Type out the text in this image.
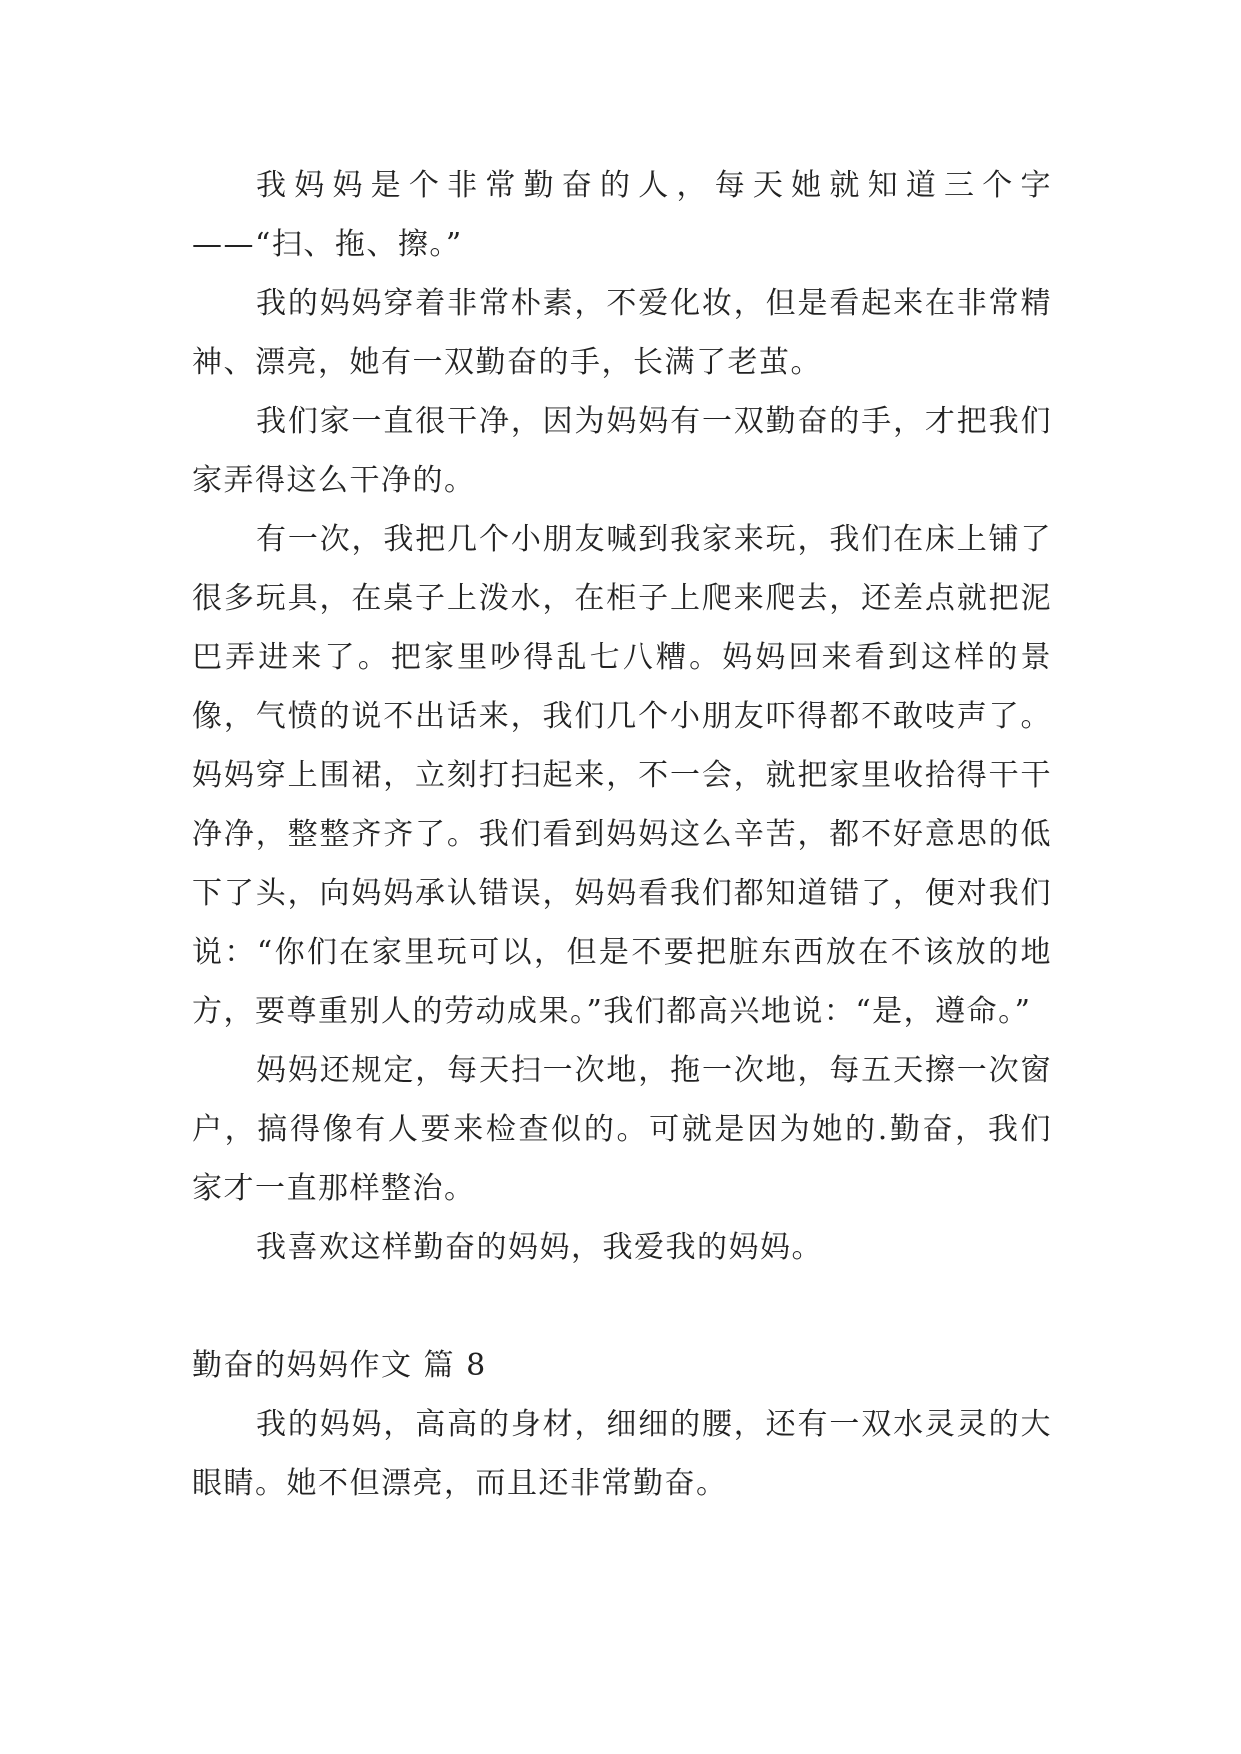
我妈妈是个非常勤奋的人，每天她就知道三个字——“扫、拖、擦。”

我的妈妈穿着非常朴素，不爱化妆，但是看起来在非常精神、漂亮，她有一双勤奋的手，长满了老茧。

我们家一直很干净，因为妈妈有一双勤奋的手，才把我们家弄得这么干净的。

有一次，我把几个小朋友喊到我家来玩，我们在床上铺了很多玩具，在桌子上泼水，在柜子上爬来爬去，还差点就把泥巴弄进来了。把家里吵得乱七八糟。妈妈回来看到这样的景像，气愤的说不出话来，我们几个小朋友吓得都不敢吱声了。妈妈穿上围裙，立刻打扫起来，不一会，就把家里收拾得干干净净，整整齐齐了。我们看到妈妈这么辛苦，都不好意思的低下了头，向妈妈承认错误，妈妈看我们都知道错了，便对我们说：“你们在家里玩可以，但是不要把脏东西放在不该放的地方，要尊重别人的劳动成果。”我们都高兴地说：“是，遵命。”

妈妈还规定，每天扫一次地，拖一次地，每五天擦一次窗户，搞得像有人要来检查似的。可就是因为她的.勤奋，我们家才一直那样整治。

我喜欢这样勤奋的妈妈，我爱我的妈妈。

勤奋的妈妈作文 篇 8

我的妈妈，高高的身材，细细的腰，还有一双水灵灵的大眼睛。她不但漂亮，而且还非常勤奋。
